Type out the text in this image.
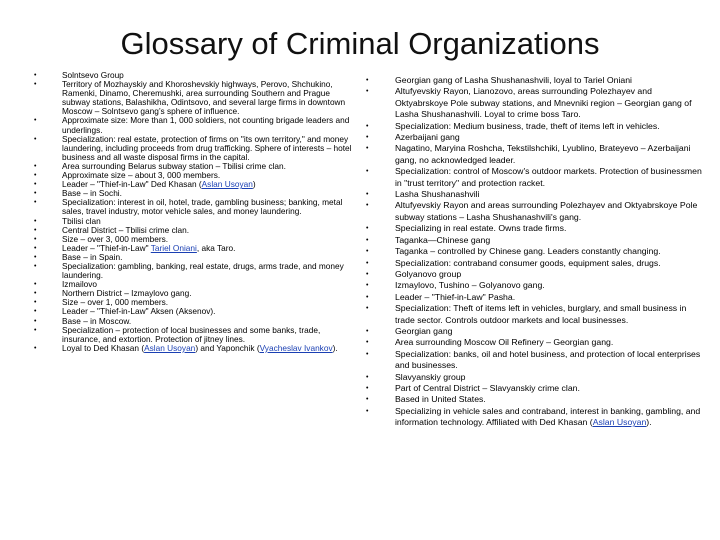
Glossary of Criminal Organizations
• Solntsevo Group
• Territory of Mozhayskiy and Khoroshevskiy highways, Perovo, Shchukino, Ramenki, Dinamo, Cheremushki, area surrounding Southern and Prague subway stations, Balashikha, Odintsovo, and several large firms in downtown Moscow – Solntsevo gang’s sphere of influence.
• Approximate size: More than 1, 000 soldiers, not counting brigade leaders and underlings.
• Specialization: real estate, protection of firms on "its own territory," and money laundering, including proceeds from drug trafficking. Sphere of interests – hotel business and all waste disposal firms in the capital.
• Area surrounding Belarus subway station – Tbilisi crime clan.
• Approximate size – about 3, 000 members.
• Leader – "Thief-in-Law" Ded Khasan (Aslan Usoyan)
• Base – in Sochi.
• Specialization: interest in oil, hotel, trade, gambling business; banking, metal sales, travel industry, motor vehicle sales, and money laundering.
• Tbilisi clan
• Central District – Tbilisi crime clan.
• Size – over 3, 000 members.
• Leader – "Thief-in-Law" Tariel Oniani, aka Taro.
• Base – in Spain.
• Specialization: gambling, banking, real estate, drugs, arms trade, and money laundering.
• Izmailovo
• Northern District – Izmaylovo gang.
• Size – over 1, 000 members.
• Leader – "Thief-in-Law" Aksen (Aksenov).
• Base – in Moscow.
• Specialization – protection of local businesses and some banks, trade, insurance, and extortion. Protection of jitney lines.
• Loyal to Ded Khasan (Aslan Usoyan) and Yaponchik (Vyacheslav Ivankov).
• Georgian gang of Lasha Shushanashvili, loyal to Tariel Oniani
• Altufyevskiy Rayon, Lianozovo, areas surrounding Polezhayev and Oktyabrskoye Pole subway stations, and Mnevniki region – Georgian gang of Lasha Shushanashvili. Loyal to crime boss Taro.
• Specialization: Medium business, trade, theft of items left in vehicles.
• Azerbaijani gang
• Nagatino, Maryina Roshcha, Tekstilshchiki, Lyublino, Brateyevo – Azerbaijani gang, no acknowledged leader.
• Specialization: control of Moscow's outdoor markets. Protection of businessmen in "trust territory" and protection racket.
• Lasha Shushanashvili
• Altufyevskiy Rayon and areas surrounding Polezhayev and Oktyabrskoye Pole subway stations – Lasha Shushanashvili's gang.
• Specializing in real estate. Owns trade firms.
• Taganka—Chinese gang
• Taganka – controlled by Chinese gang. Leaders constantly changing.
• Specialization: contraband consumer goods, equipment sales, drugs.
• Golyanovo group
• Izmaylovo, Tushino – Golyanovo gang.
• Leader – "Thief-in-Law" Pasha.
• Specialization: Theft of items left in vehicles, burglary, and small business in trade sector. Controls outdoor markets and local businesses.
• Georgian gang
• Area surrounding Moscow Oil Refinery – Georgian gang.
• Specialization: banks, oil and hotel business, and protection of local enterprises and businesses.
• Slavyanskiy group
• Part of Central District – Slavyanskiy crime clan.
• Based in United States.
• Specializing in vehicle sales and contraband, interest in banking, gambling, and information technology. Affiliated with Ded Khasan (Aslan Usoyan).
